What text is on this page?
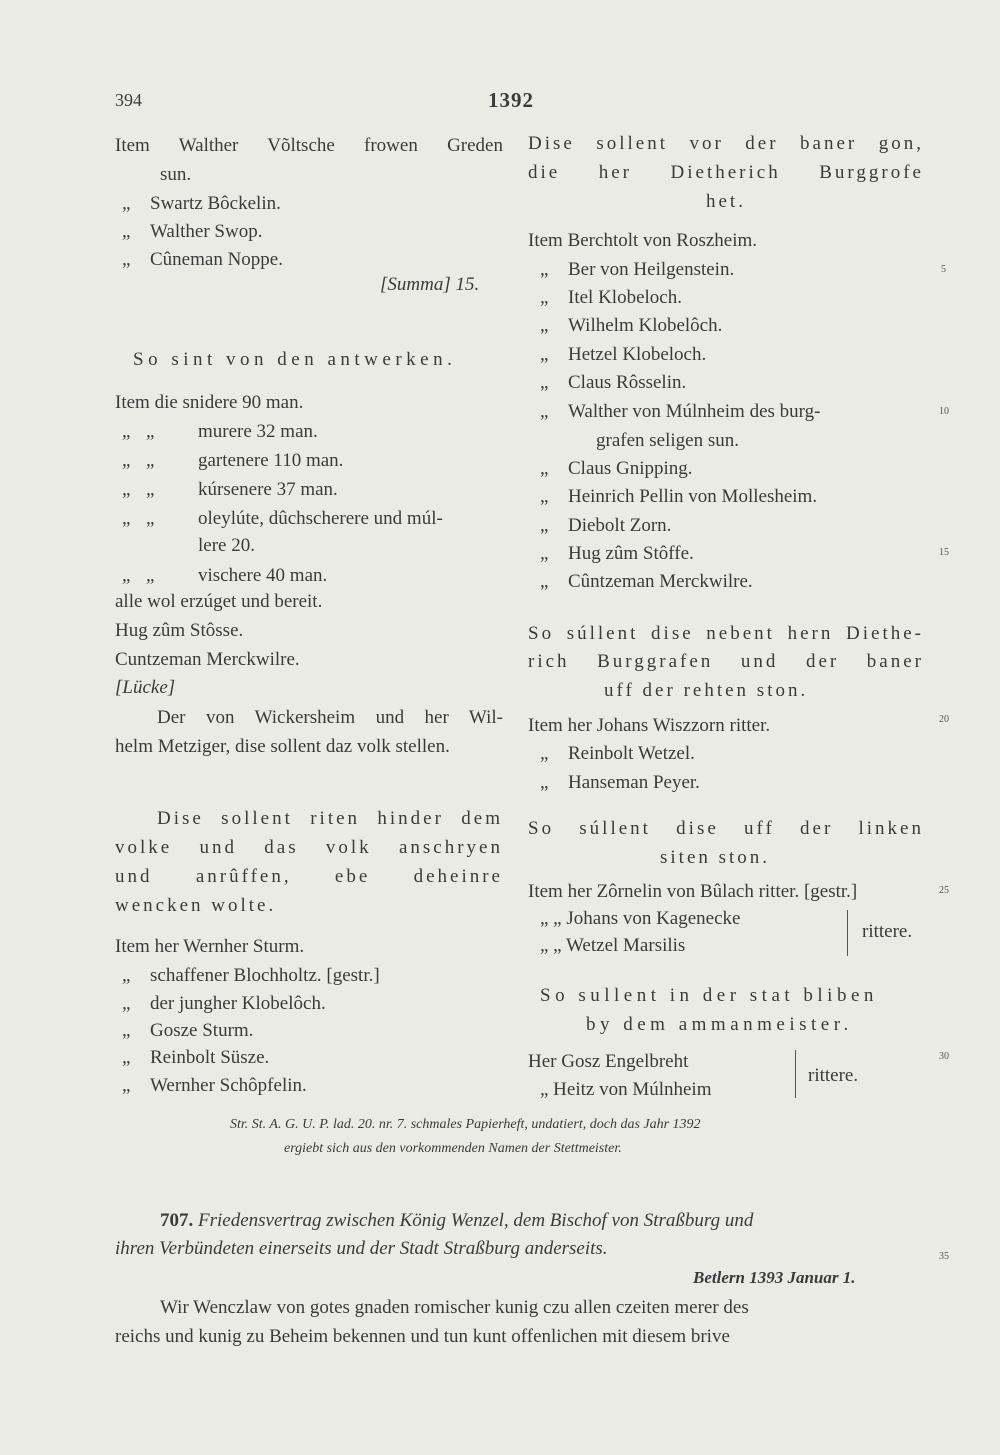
394	1392
Item Walther Võltsche frowen Greden
sun.
„ Swartz Bôckelin.
„ Walther Swop.
„ Cûneman Noppe.
[Summa] 15.
So sint von den antwerken.
Item die snidere 90 man.
„ „ murere 32 man.
„ „ gartenere 110 man.
„ „ kúrsenere 37 man.
„ „ oleylúte, dûchscherere und múl-
lere 20.
„ „ vischere 40 man.
alle wol erzúget und bereit.
Hug zûm Stôsse.
Cuntzeman Merckwilre.
[Lücke]
Der von Wickersheim und her Wil-
helm Metziger, dise sollent daz volk stellen.
Dise sollent riten hinder dem
volke und das volk anschryen
und anrûffen, ebe deheinre
wencken wolte.
Item her Wernher Sturm.
„ schaffener Blochholtz. [gestr.]
„ der jungher Klobelôch.
„ Gosze Sturm.
„ Reinbolt Süsze.
„ Wernher Schôpfelin.
Dise sollent vor der baner gon,
die her Dietherich Burggrofe
het.
Item Berchtolt von Roszheim.
„ Ber von Heilgenstein.
„ Itel Klobeloch.
„ Wilhelm Klobelôch.
„ Hetzel Klobeloch.
„ Claus Rôsselin.
„ Walther von Múlnheim des burg-
grafen seligen sun.
„ Claus Gnipping.
„ Heinrich Pellin von Mollesheim.
„ Diebolt Zorn.
„ Hug zûm Stôffe.
„ Cûntzeman Merckwilre.
So súllent dise nebent hern Diethe-
rich Burggrafen und der baner
uff der rehten ston.
Item her Johans Wiszzorn ritter.
„ Reinbolt Wetzel.
„ Hanseman Peyer.
So súllent dise uff der linken
siten ston.
Item her Zôrnelin von Bûlach ritter. [gestr.]
„ „ Johans von Kagenecke
„ „ Wetzel Marsilis
rittere.
So sullent in der stat bliben
by dem ammanmeister.
Her Gosz Engelbreht
„ Heitz von Múlnheim
rittere.
5
10
15
20
25
30
35
Str. St. A. G. U. P. lad. 20. nr. 7. schmales Papierheft, undatiert, doch das Jahr 1392
ergiebt sich aus den vorkommenden Namen der Stettmeister.
707. Friedensvertrag zwischen König Wenzel, dem Bischof von Straßburg und
ihren Verbündeten einerseits und der Stadt Straßburg anderseits.
Betlern 1393 Januar 1.
Wir Wenczlaw von gotes gnaden romischer kunig czu allen czeiten merer des
reichs und kunig zu Beheim bekennen und tun kunt offenlichen mit diesem brive
